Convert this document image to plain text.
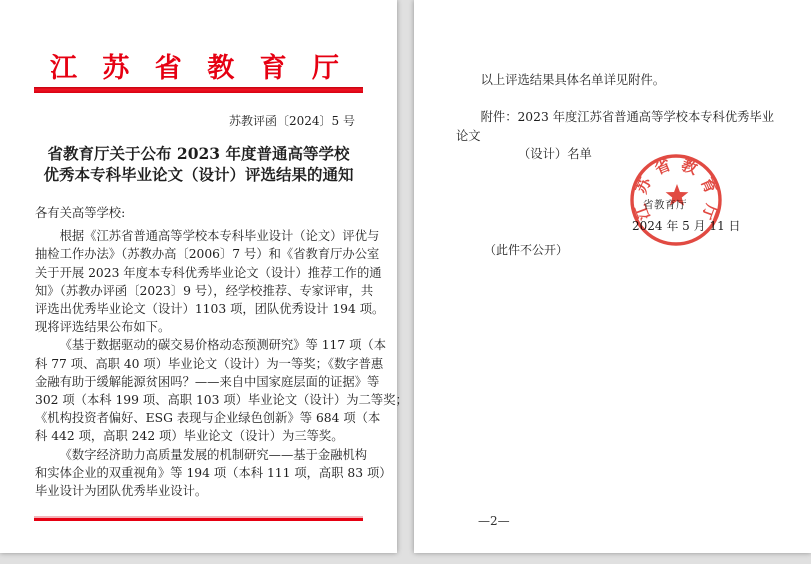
江 苏 省 教 育 厅
苏教评函〔2024〕5 号
省教育厅关于公布 2023 年度普通高等学校
优秀本专科毕业论文（设计）评选结果的通知
各有关高等学校:
根据《江苏省普通高等学校本专科毕业设计（论文）评优与
抽检工作办法》（苏教办高〔2006〕7 号）和《省教育厅办公室
关于开展 2023 年度本专科优秀毕业论文（设计）推荐工作的通
知》（苏教办评函〔2023〕9 号），经学校推荐、专家评审，共
评选出优秀毕业论文（设计）1103 项，团队优秀设计 194 项。
现将评选结果公布如下。
《基于数据驱动的碳交易价格动态预测研究》等 117 项（本
科 77 项、高职 40 项）毕业论文（设计）为一等奖；《数字普惠
金融有助于缓解能源贫困吗？——来自中国家庭层面的证据》等
302 项（本科 199 项、高职 103 项）毕业论文（设计）为二等奖；
《机构投资者偏好、ESG 表现与企业绿色创新》等 684 项（本
科 442 项，高职 242 项）毕业论文（设计）为三等奖。
《数字经济助力高质量发展的机制研究——基于金融机构
和实体企业的双重视角》等 194 项（本科 111 项，高职 83 项）
毕业设计为团队优秀毕业设计。
以上评选结果具体名单详见附件。
附件：2023 年度江苏省普通高等学校本专科优秀毕业论文
（设计）名单
省教育厅
2024 年 5 月 11 日
江
苏
省 教
育
厅
（此件不公开）
—2—
